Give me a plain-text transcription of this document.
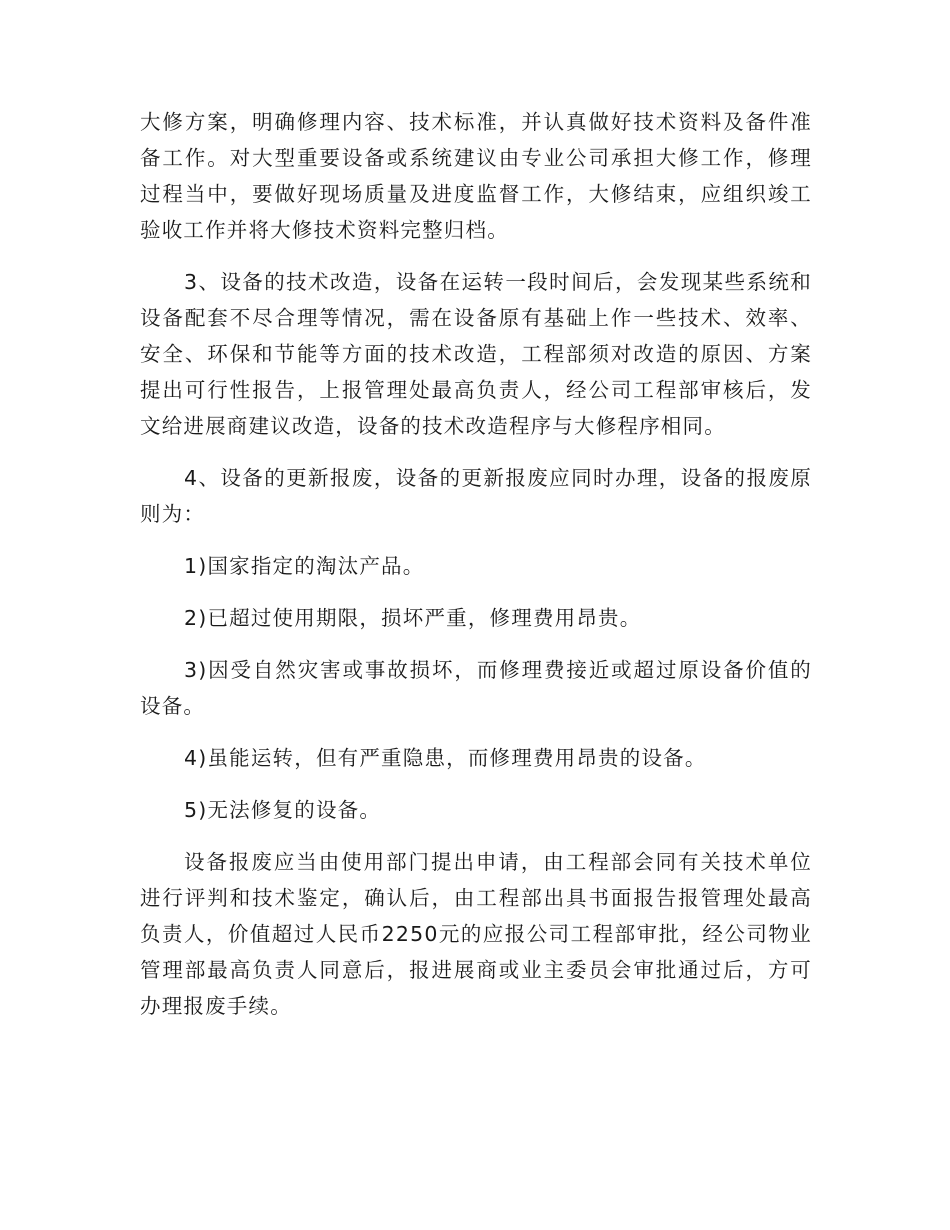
大修方案，明确修理内容、技术标准，并认真做好技术资料及备件准备工作。对大型重要设备或系统建议由专业公司承担大修工作，修理过程当中，要做好现场质量及进度监督工作，大修结束，应组织竣工验收工作并将大修技术资料完整归档。

3、设备的技术改造，设备在运转一段时间后，会发现某些系统和设备配套不尽合理等情况，需在设备原有基础上作一些技术、效率、安全、环保和节能等方面的技术改造，工程部须对改造的原因、方案提出可行性报告，上报管理处最高负责人，经公司工程部审核后，发文给进展商建议改造，设备的技术改造程序与大修程序相同。

4、设备的更新报废，设备的更新报废应同时办理，设备的报废原则为：

1)国家指定的淘汰产品。

2)已超过使用期限，损坏严重，修理费用昂贵。

3)因受自然灾害或事故损坏，而修理费接近或超过原设备价值的设备。

4)虽能运转，但有严重隐患，而修理费用昂贵的设备。

5)无法修复的设备。

设备报废应当由使用部门提出申请，由工程部会同有关技术单位进行评判和技术鉴定，确认后，由工程部出具书面报告报管理处最高负责人，价值超过人民币2250元的应报公司工程部审批，经公司物业管理部最高负责人同意后，报进展商或业主委员会审批通过后，方可办理报废手续。
